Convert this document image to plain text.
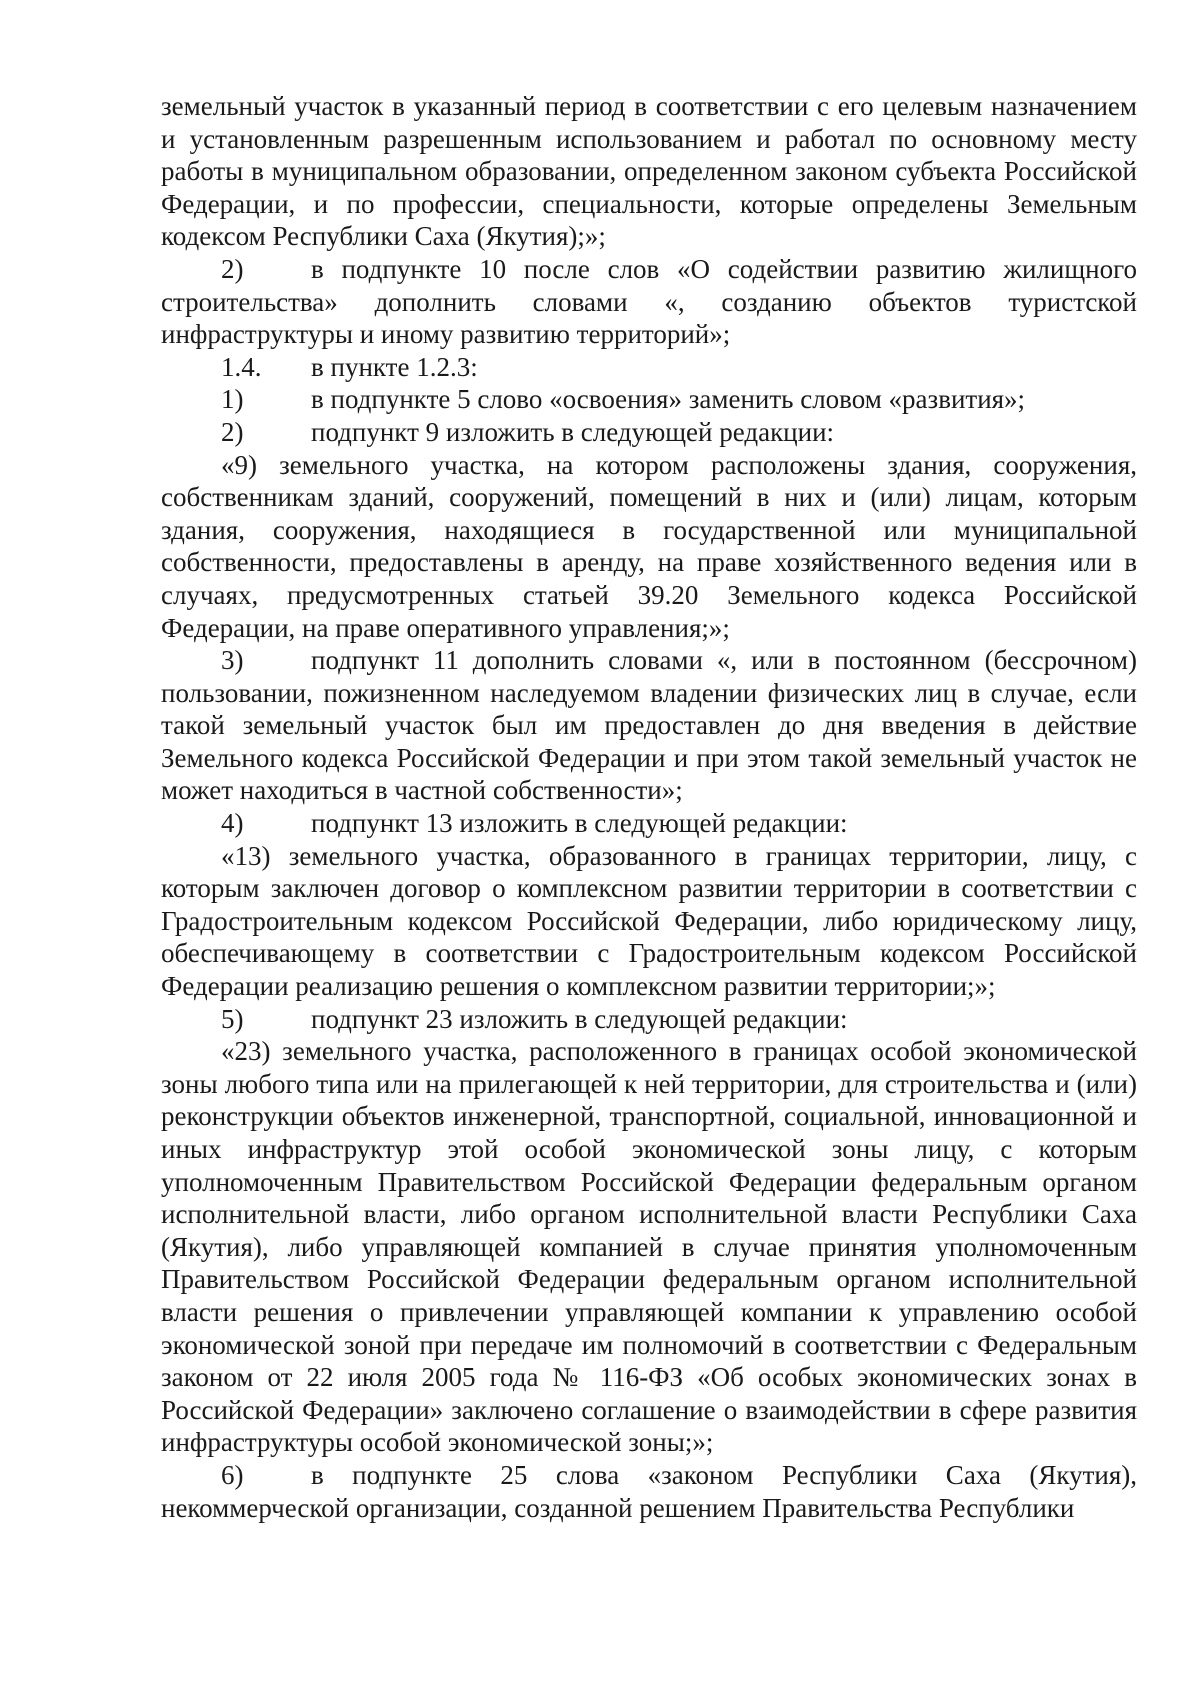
земельный участок в указанный период в соответствии с его целевым назначением и установленным разрешенным использованием и работал по основному месту работы в муниципальном образовании, определенном законом субъекта Российской Федерации, и по профессии, специальности, которые определены Земельным кодексом Республики Саха (Якутия);»;

2)	в подпункте 10 после слов «О содействии развитию жилищного строительства» дополнить словами «, созданию объектов туристской инфраструктуры и иному развитию территорий»;

1.4. в пункте 1.2.3:

1)	в подпункте 5 слово «освоения» заменить словом «развития»;

2)	подпункт 9 изложить в следующей редакции:

«9) земельного участка, на котором расположены здания, сооружения, собственникам зданий, сооружений, помещений в них и (или) лицам, которым здания, сооружения, находящиеся в государственной или муниципальной собственности, предоставлены в аренду, на праве хозяйственного ведения или в случаях, предусмотренных статьей 39.20 Земельного кодекса Российской Федерации, на праве оперативного управления;»;

3)	подпункт 11 дополнить словами «, или в постоянном (бессрочном) пользовании, пожизненном наследуемом владении физических лиц в случае, если такой земельный участок был им предоставлен до дня введения в действие Земельного кодекса Российской Федерации и при этом такой земельный участок не может находиться в частной собственности»;

4)	подпункт 13 изложить в следующей редакции:

«13) земельного участка, образованного в границах территории, лицу, с которым заключен договор о комплексном развитии территории в соответствии с Градостроительным кодексом Российской Федерации, либо юридическому лицу, обеспечивающему в соответствии с Градостроительным кодексом Российской Федерации реализацию решения о комплексном развитии территории;»;

5)	подпункт 23 изложить в следующей редакции:

«23) земельного участка, расположенного в границах особой экономической зоны любого типа или на прилегающей к ней территории, для строительства и (или) реконструкции объектов инженерной, транспортной, социальной, инновационной и иных инфраструктур этой особой экономической зоны лицу, с которым уполномоченным Правительством Российской Федерации федеральным органом исполнительной власти, либо органом исполнительной власти Республики Саха (Якутия), либо управляющей компанией в случае принятия уполномоченным Правительством Российской Федерации федеральным органом исполнительной власти решения о привлечении управляющей компании к управлению особой экономической зоной при передаче им полномочий в соответствии с Федеральным законом от 22 июля 2005 года № 116-ФЗ «Об особых экономических зонах в Российской Федерации» заключено соглашение о взаимодействии в сфере развития инфраструктуры особой экономической зоны;»;

6)	в подпункте 25 слова «законом Республики Саха (Якутия), некоммерческой организации, созданной решением Правительства Республики
